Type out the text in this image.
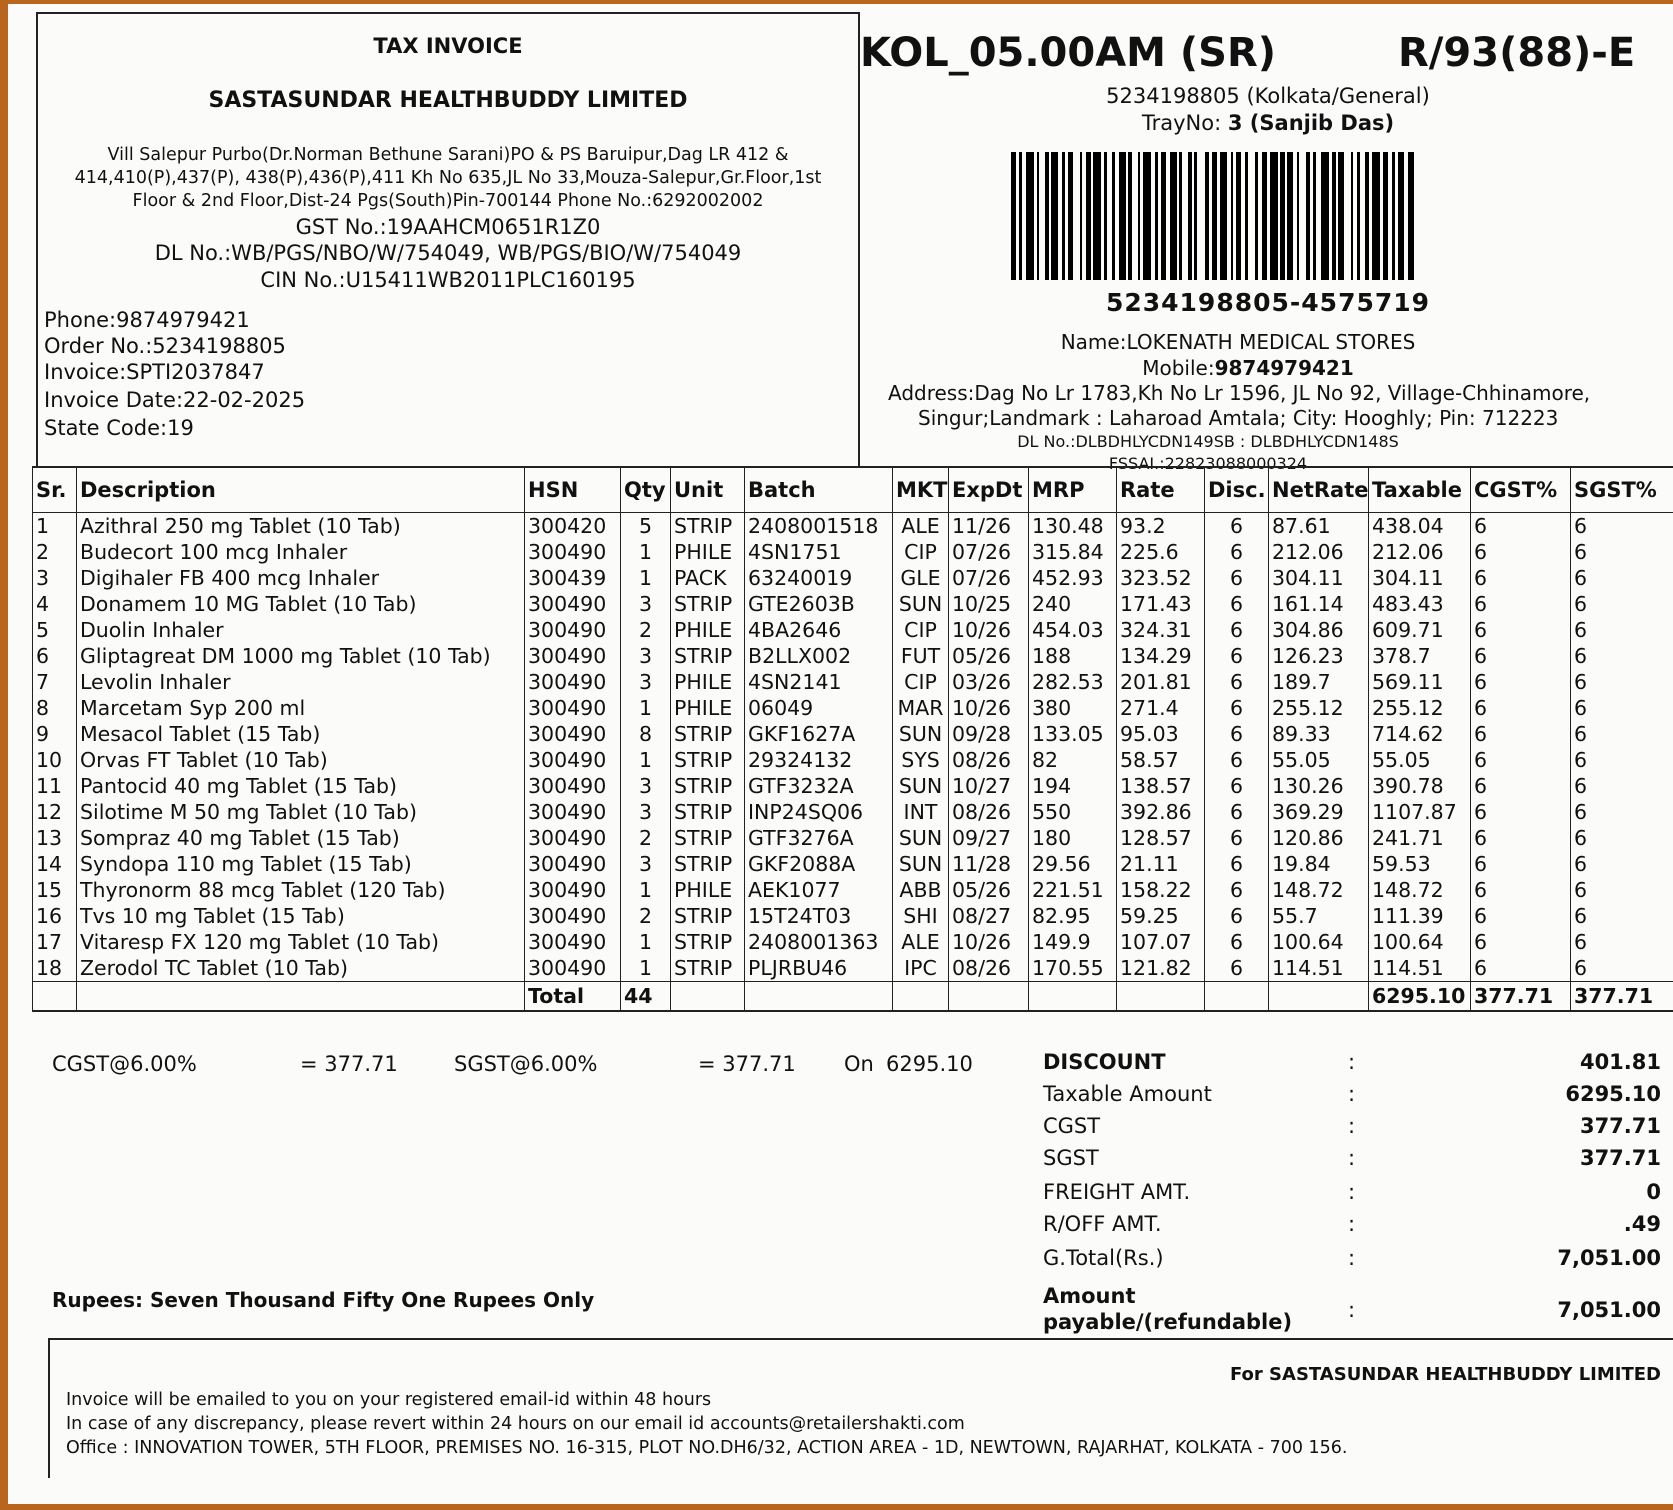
TAX INVOICE
SASTASUNDAR HEALTHBUDDY LIMITED
Vill Salepur Purbo(Dr.Norman Bethune Sarani)PO & PS Baruipur,Dag LR 412 &
414,410(P),437(P), 438(P),436(P),411 Kh No 635,JL No 33,Mouza-Salepur,Gr.Floor,1st
Floor & 2nd Floor,Dist-24 Pgs(South)Pin-700144 Phone No.:6292002002
GST No.:19AAHCM0651R1Z0
DL No.:WB/PGS/NBO/W/754049, WB/PGS/BIO/W/754049
CIN No.:U15411WB2011PLC160195
Phone:9874979421
Order No.:5234198805
Invoice:SPTI2037847
Invoice Date:22-02-2025
State Code:19
KOL_05.00AM (SR)	R/93(88)-E
5234198805 (Kolkata/General)
TrayNo: 3 (Sanjib Das)
5234198805-4575719
Name:LOKENATH MEDICAL STORES
Mobile:9874979421
Address:Dag No Lr 1783,Kh No Lr 1596, JL No 92, Village-Chhinamore,
Singur;Landmark : Laharoad Amtala; City: Hooghly; Pin: 712223
DL No.:DLBDHLYCDN149SB : DLBDHLYCDN148S
FSSAI.:22823088000324
Sr.	Description	HSN	Qty	Unit	Batch	MKT	ExpDt	MRP	Rate	Disc.	NetRate	Taxable	CGST%	SGST%
1	Azithral 250 mg Tablet (10 Tab)	300420	5	STRIP	2408001518	ALE	11/26	130.48	93.2	6	87.61	438.04	6	6
2	Budecort 100 mcg Inhaler	300490	1	PHILE	4SN1751	CIP	07/26	315.84	225.6	6	212.06	212.06	6	6
3	Digihaler FB 400 mcg Inhaler	300439	1	PACK	63240019	GLE	07/26	452.93	323.52	6	304.11	304.11	6	6
4	Donamem 10 MG Tablet (10 Tab)	300490	3	STRIP	GTE2603B	SUN	10/25	240	171.43	6	161.14	483.43	6	6
5	Duolin Inhaler	300490	2	PHILE	4BA2646	CIP	10/26	454.03	324.31	6	304.86	609.71	6	6
6	Gliptagreat DM 1000 mg Tablet (10 Tab)	300490	3	STRIP	B2LLX002	FUT	05/26	188	134.29	6	126.23	378.7	6	6
7	Levolin Inhaler	300490	3	PHILE	4SN2141	CIP	03/26	282.53	201.81	6	189.7	569.11	6	6
8	Marcetam Syp 200 ml	300490	1	PHILE	06049	MAR	10/26	380	271.4	6	255.12	255.12	6	6
9	Mesacol Tablet (15 Tab)	300490	8	STRIP	GKF1627A	SUN	09/28	133.05	95.03	6	89.33	714.62	6	6
10	Orvas FT Tablet (10 Tab)	300490	1	STRIP	29324132	SYS	08/26	82	58.57	6	55.05	55.05	6	6
11	Pantocid 40 mg Tablet (15 Tab)	300490	3	STRIP	GTF3232A	SUN	10/27	194	138.57	6	130.26	390.78	6	6
12	Silotime M 50 mg Tablet (10 Tab)	300490	3	STRIP	INP24SQ06	INT	08/26	550	392.86	6	369.29	1107.87	6	6
13	Sompraz 40 mg Tablet (15 Tab)	300490	2	STRIP	GTF3276A	SUN	09/27	180	128.57	6	120.86	241.71	6	6
14	Syndopa 110 mg Tablet (15 Tab)	300490	3	STRIP	GKF2088A	SUN	11/28	29.56	21.11	6	19.84	59.53	6	6
15	Thyronorm 88 mcg Tablet (120 Tab)	300490	1	PHILE	AEK1077	ABB	05/26	221.51	158.22	6	148.72	148.72	6	6
16	Tvs 10 mg Tablet (15 Tab)	300490	2	STRIP	15T24T03	SHI	08/27	82.95	59.25	6	55.7	111.39	6	6
17	Vitaresp FX 120 mg Tablet (10 Tab)	300490	1	STRIP	2408001363	ALE	10/26	149.9	107.07	6	100.64	100.64	6	6
18	Zerodol TC Tablet (10 Tab)	300490	1	STRIP	PLJRBU46	IPC	08/26	170.55	121.82	6	114.51	114.51	6	6
		Total	44									6295.10	377.71	377.71
CGST@6.00%	= 377.71	SGST@6.00%	= 377.71 On 6295.10	DISCOUNT	:	401.81
Taxable Amount	:	6295.10
CGST	:	377.71
SGST	:	377.71
FREIGHT AMT.	:	0
R/OFF AMT.	:	.49
G.Total(Rs.)	:	7,051.00
Amount
payable/(refundable)	:	7,051.00
Rupees: Seven Thousand Fifty One Rupees Only
For SASTASUNDAR HEALTHBUDDY LIMITED
Invoice will be emailed to you on your registered email-id within 48 hours
In case of any discrepancy, please revert within 24 hours on our email id accounts@retailershakti.com
Office : INNOVATION TOWER, 5TH FLOOR, PREMISES NO. 16-315, PLOT NO.DH6/32, ACTION AREA - 1D, NEWTOWN, RAJARHAT, KOLKATA - 700 156.
